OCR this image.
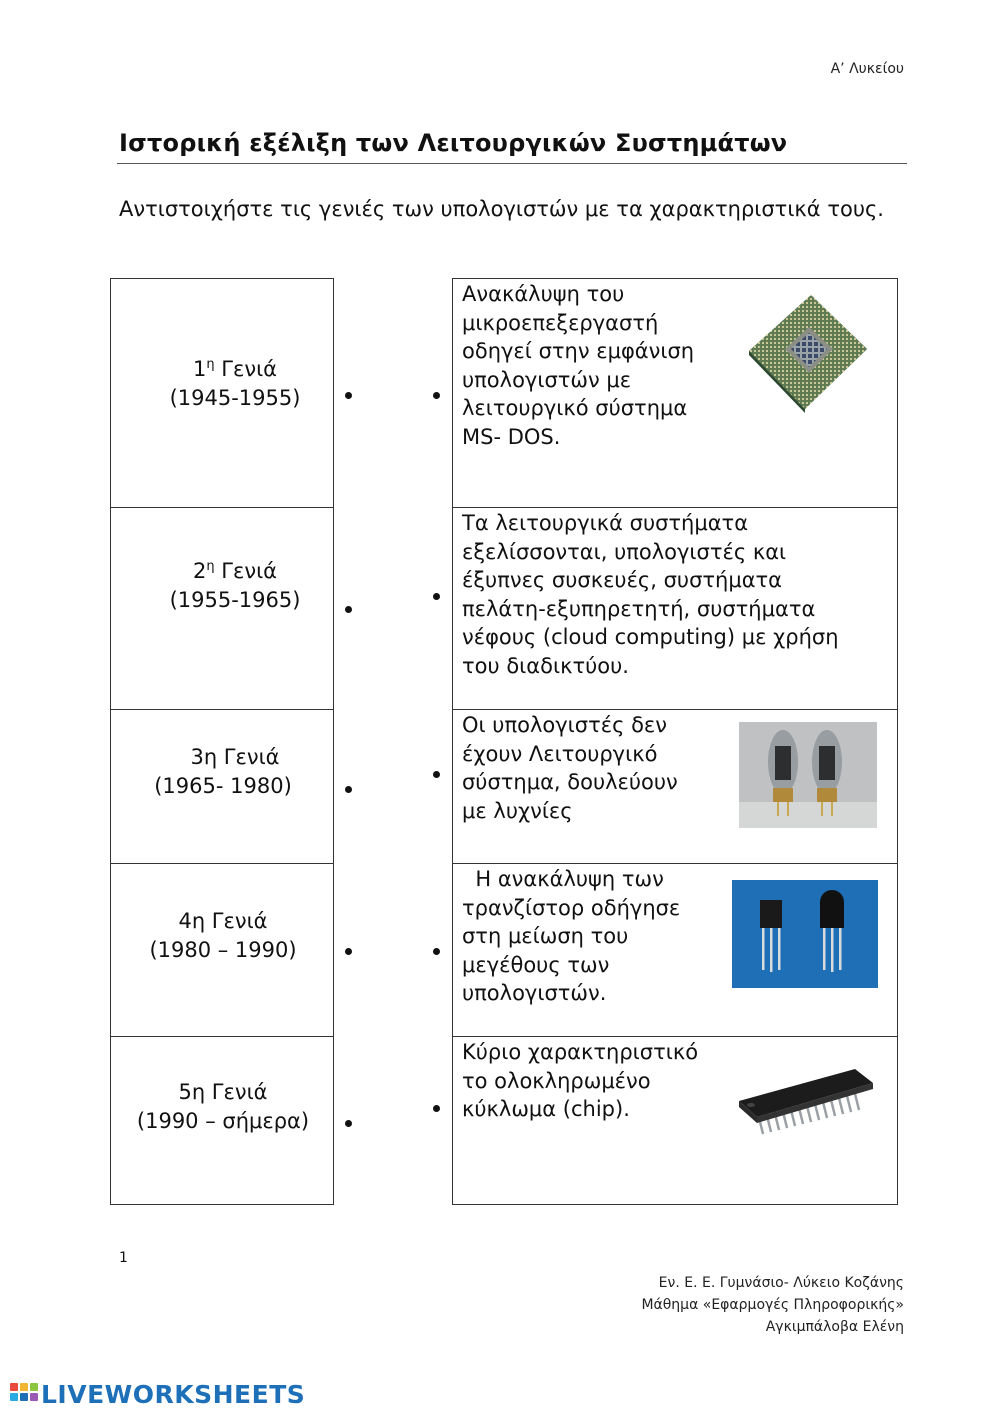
Α’ Λυκείου
Ιστορική εξέλιξη των Λειτουργικών Συστημάτων
Αντιστοιχήστε τις γενιές των υπολογιστών με τα χαρακτηριστικά τους.
$1^\eta$ Γενιά
(1945-1955)
$2^\eta$ Γενιά
(1955-1965)
3η Γενιά
(1965- 1980)
4η Γενιά
(1980 – 1990)
5η Γενιά
(1990 – σήμερα)
Ανακάλυψη του
μικροεπεξεργαστή
οδηγεί στην εμφάνιση
υπολογιστών με
λειτουργικό σύστημα
MS- DOS.
Τα λειτουργικά συστήματα
εξελίσσονται, υπολογιστές και
έξυπνες συσκευές, συστήματα
πελάτη-εξυπηρετητή, συστήματα
νέφους (cloud computing) με χρήση
του διαδικτύου.
Οι υπολογιστές δεν
έχουν Λειτουργικό
σύστημα, δουλεύουν
με λυχνίες
Η ανακάλυψη των
τρανζίστορ οδήγησε
στη μείωση του
μεγέθους των
υπολογιστών.
Κύριο χαρακτηριστικό
το ολοκληρωμένο
κύκλωμα (chip).
1
Εν. Ε. Ε. Γυμνάσιο- Λύκειο Κοζάνης
Μάθημα «Εφαρμογές Πληροφορικής»
Αγκιμπάλοβα Ελένη
LIVEWORKSHEETS
